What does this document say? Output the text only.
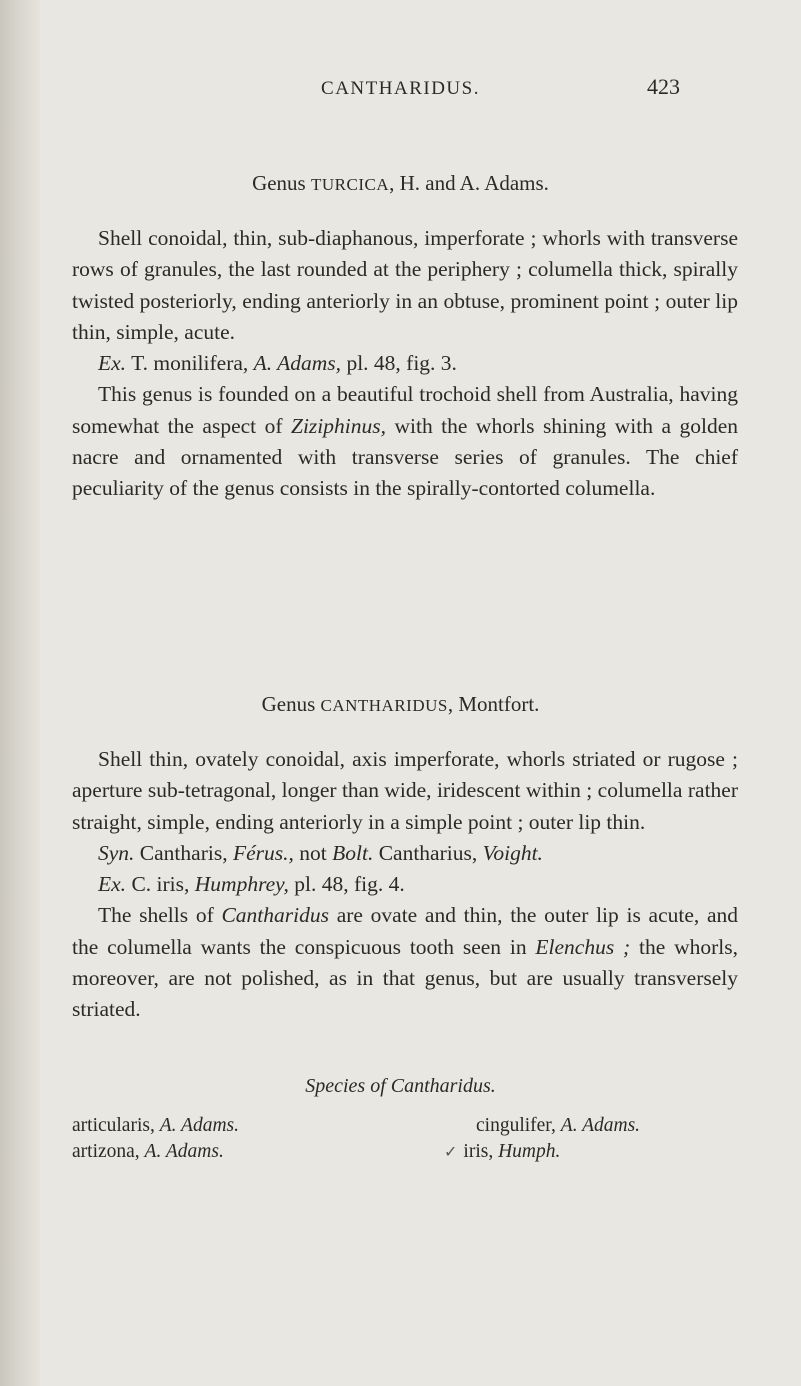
CANTHARIDUS.	423
Genus TURCICA, H. and A. Adams.

Shell conoidal, thin, sub-diaphanous, imperforate ; whorls with transverse rows of granules, the last rounded at the periphery ; columella thick, spirally twisted posteriorly, ending anteriorly in an obtuse, prominent point ; outer lip thin, simple, acute.

Ex. T. monilifera, A. Adams, pl. 48, fig. 3.

This genus is founded on a beautiful trochoid shell from Australia, having somewhat the aspect of Ziziphinus, with the whorls shining with a golden nacre and ornamented with transverse series of granules. The chief peculiarity of the genus consists in the spirally-contorted columella.

Genus CANTHARIDUS, Montfort.

Shell thin, ovately conoidal, axis imperforate, whorls striated or rugose ; aperture sub-tetragonal, longer than wide, iridescent within ; columella rather straight, simple, ending anteriorly in a simple point ; outer lip thin.

Syn. Cantharis, Férus., not Bolt. Cantharius, Voight.

Ex. C. iris, Humphrey, pl. 48, fig. 4.

The shells of Cantharidus are ovate and thin, the outer lip is acute, and the columella wants the conspicuous tooth seen in Elenchus ; the whorls, moreover, are not polished, as in that genus, but are usually transversely striated.

Species of Cantharidus.
articularis, A. Adams.
artizona, A. Adams.
cingulifer, A. Adams.
✓ iris, Humph.
